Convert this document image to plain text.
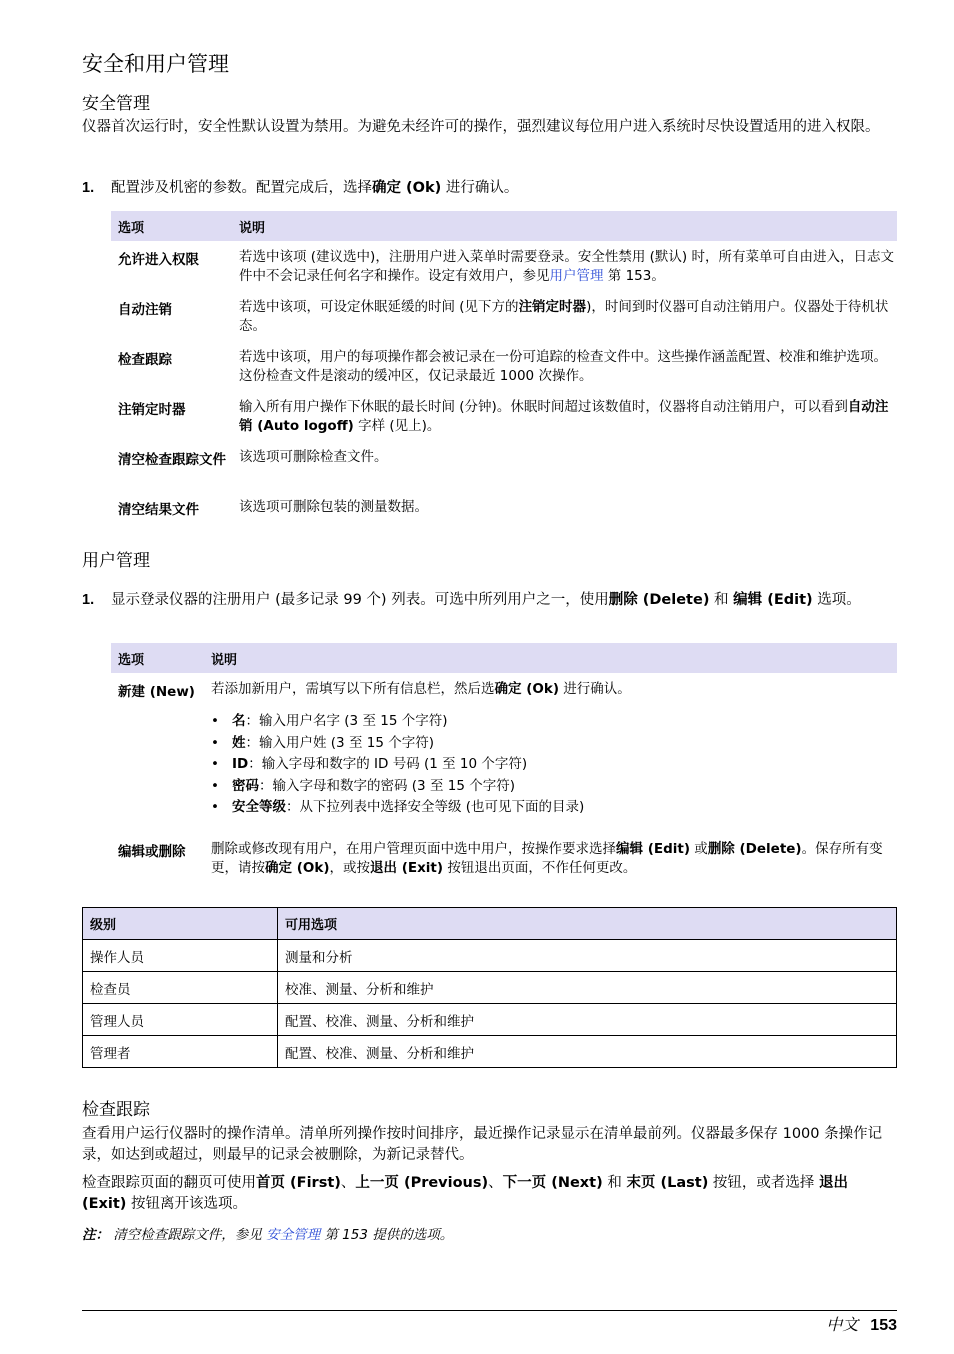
安全和用户管理
安全管理

仪器首次运行时，安全性默认设置为禁用。为避免未经许可的操作，强烈建议每位用户进入系统时尽快设置适用的进入权限。

1. 配置涉及机密的参数。配置完成后，选择确定 (Ok) 进行确认。
选项	说明
允许进入权限	若选中该项 (建议选中)，注册用户进入菜单时需要登录。安全性禁用 (默认) 时，所有菜单可自由进入，日志文件中不会记录任何名字和操作。设定有效用户，参见用户管理 第 153。
自动注销	若选中该项，可设定休眠延缓的时间 (见下方的注销定时器)，时间到时仪器可自动注销用户。仪器处于待机状态。
检查跟踪	若选中该项，用户的每项操作都会被记录在一份可追踪的检查文件中。这些操作涵盖配置、校准和维护选项。这份检查文件是滚动的缓冲区，仅记录最近 1000 次操作。
注销定时器	输入所有用户操作下休眠的最长时间 (分钟)。休眠时间超过该数值时，仪器将自动注销用户，可以看到自动注销 (Auto logoff) 字样 (见上)。
清空检查跟踪文件 该选项可删除检查文件。
清空结果文件	该选项可删除包装的测量数据。
用户管理
1. 显示登录仪器的注册用户 (最多记录 99 个) 列表。可选中所列用户之一，使用删除 (Delete) 和 编辑 (Edit) 选项。
选项	说明
新建 (New)	若添加新用户，需填写以下所有信息栏，然后选确定 (Ok) 进行确认。
• 名：输入用户名字 (3 至 15 个字符)
• 姓：输入用户姓 (3 至 15 个字符)
• ID：输入字母和数字的 ID 号码 (1 至 10 个字符)
• 密码：输入字母和数字的密码 (3 至 15 个字符)
• 安全等级：从下拉列表中选择安全等级 (也可见下面的目录)
编辑或删除	删除或修改现有用户，在用户管理页面中选中用户，按操作要求选择编辑 (Edit) 或删除 (Delete)。保存所有变更，请按确定 (Ok)，或按退出 (Exit) 按钮退出页面，不作任何更改。
级别	可用选项
操作人员	测量和分析
检查员	校准、测量、分析和维护
管理人员	配置、校准、测量、分析和维护
管理者	配置、校准、测量、分析和维护
检查跟踪

查看用户运行仪器时的操作清单。清单所列操作按时间排序，最近操作记录显示在清单最前列。仪器最多保存 1000 条操作记录，如达到或超过，则最早的记录会被删除，为新记录替代。

检查跟踪页面的翻页可使用首页 (First)、上一页 (Previous)、下一页 (Next) 和 末页 (Last) 按钮，或者选择 退出 (Exit) 按钮离开该选项。

注： 清空检查跟踪文件，参见 安全管理 第 153 提供的选项。
中文 153
